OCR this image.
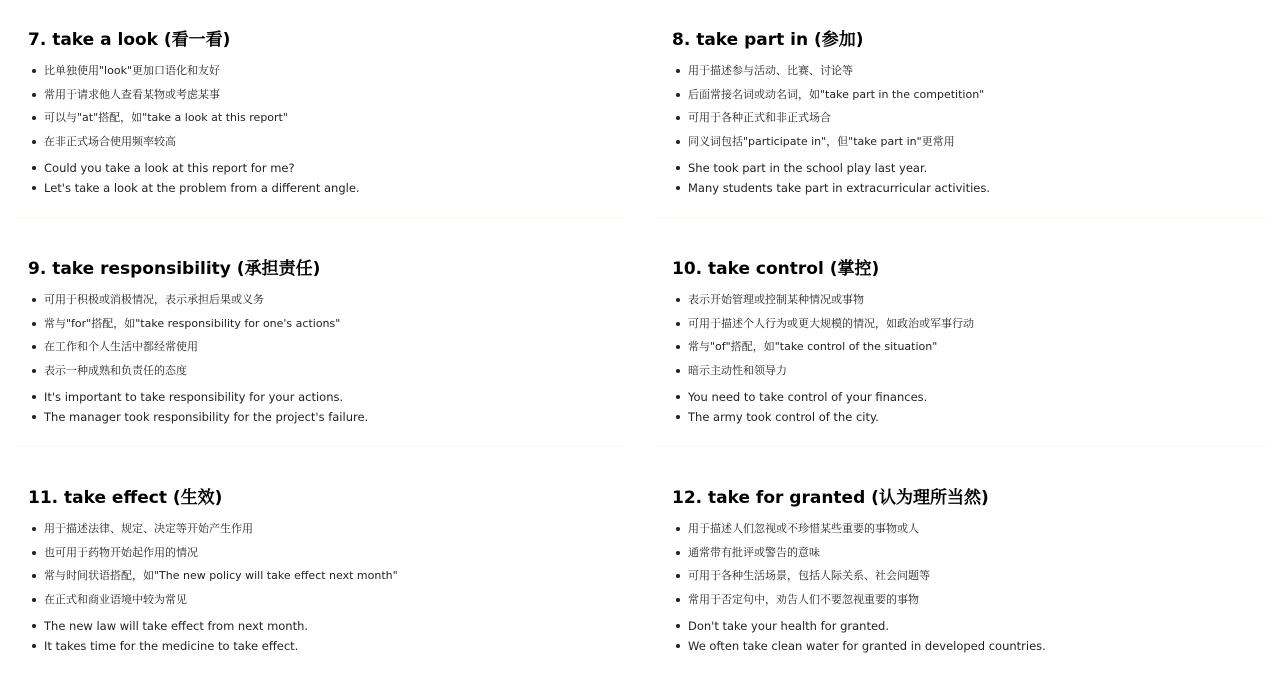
7. take a look (看一看)
比单独使用"look"更加口语化和友好
常用于请求他人查看某物或考虑某事
可以与"at"搭配，如"take a look at this report"
在非正式场合使用频率较高
Could you take a look at this report for me?
Let's take a look at the problem from a different angle.
8. take part in (参加)
用于描述参与活动、比赛、讨论等
后面常接名词或动名词，如"take part in the competition"
可用于各种正式和非正式场合
同义词包括"participate in"，但"take part in"更常用
She took part in the school play last year.
Many students take part in extracurricular activities.
9. take responsibility (承担责任)
可用于积极或消极情况，表示承担后果或义务
常与"for"搭配，如"take responsibility for one's actions"
在工作和个人生活中都经常使用
表示一种成熟和负责任的态度
It's important to take responsibility for your actions.
The manager took responsibility for the project's failure.
10. take control (掌控)
表示开始管理或控制某种情况或事物
可用于描述个人行为或更大规模的情况，如政治或军事行动
常与"of"搭配，如"take control of the situation"
暗示主动性和领导力
You need to take control of your finances.
The army took control of the city.
11. take effect (生效)
用于描述法律、规定、决定等开始产生作用
也可用于药物开始起作用的情况
常与时间状语搭配，如"The new policy will take effect next month"
在正式和商业语境中较为常见
The new law will take effect from next month.
It takes time for the medicine to take effect.
12. take for granted (认为理所当然)
用于描述人们忽视或不珍惜某些重要的事物或人
通常带有批评或警告的意味
可用于各种生活场景，包括人际关系、社会问题等
常用于否定句中，劝告人们不要忽视重要的事物
Don't take your health for granted.
We often take clean water for granted in developed countries.
